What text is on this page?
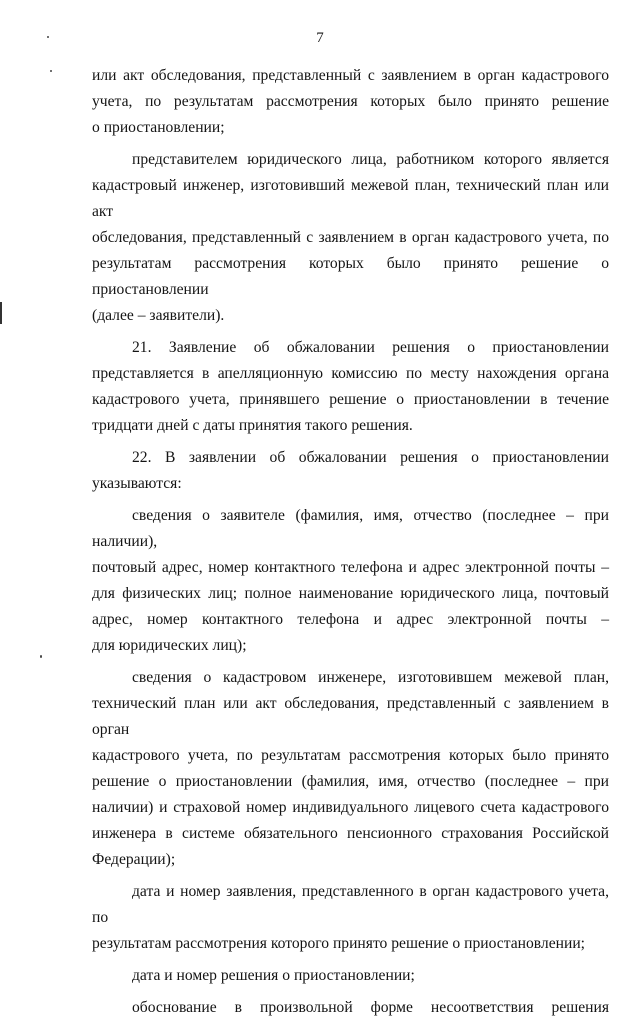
7
или акт обследования, представленный с заявлением в орган кадастрового
учета, по результатам рассмотрения которых было принято решение
о приостановлении;
представителем юридического лица, работником которого является
кадастровый инженер, изготовивший межевой план, технический план или акт
обследования, представленный с заявлением в орган кадастрового учета, по
результатам рассмотрения которых было принято решение о приостановлении
(далее – заявители).
21. Заявление об обжаловании решения о приостановлении
представляется в апелляционную комиссию по месту нахождения органа
кадастрового учета, принявшего решение о приостановлении в течение
тридцати дней с даты принятия такого решения.
22. В заявлении об обжаловании решения о приостановлении
указываются:
сведения о заявителе (фамилия, имя, отчество (последнее – при наличии),
почтовый адрес, номер контактного телефона и адрес электронной почты –
для физических лиц; полное наименование юридического лица, почтовый
адрес, номер контактного телефона и адрес электронной почты –
для юридических лиц);
сведения о кадастровом инженере, изготовившем межевой план,
технический план или акт обследования, представленный с заявлением в орган
кадастрового учета, по результатам рассмотрения которых было принято
решение о приостановлении (фамилия, имя, отчество (последнее – при
наличии) и страховой номер индивидуального лицевого счета кадастрового
инженера в системе обязательного пенсионного страхования Российской
Федерации);
дата и номер заявления, представленного в орган кадастрового учета, по
результатам рассмотрения которого принято решение о приостановлении;
дата и номер решения о приостановлении;
обоснование в произвольной форме несоответствия решения
